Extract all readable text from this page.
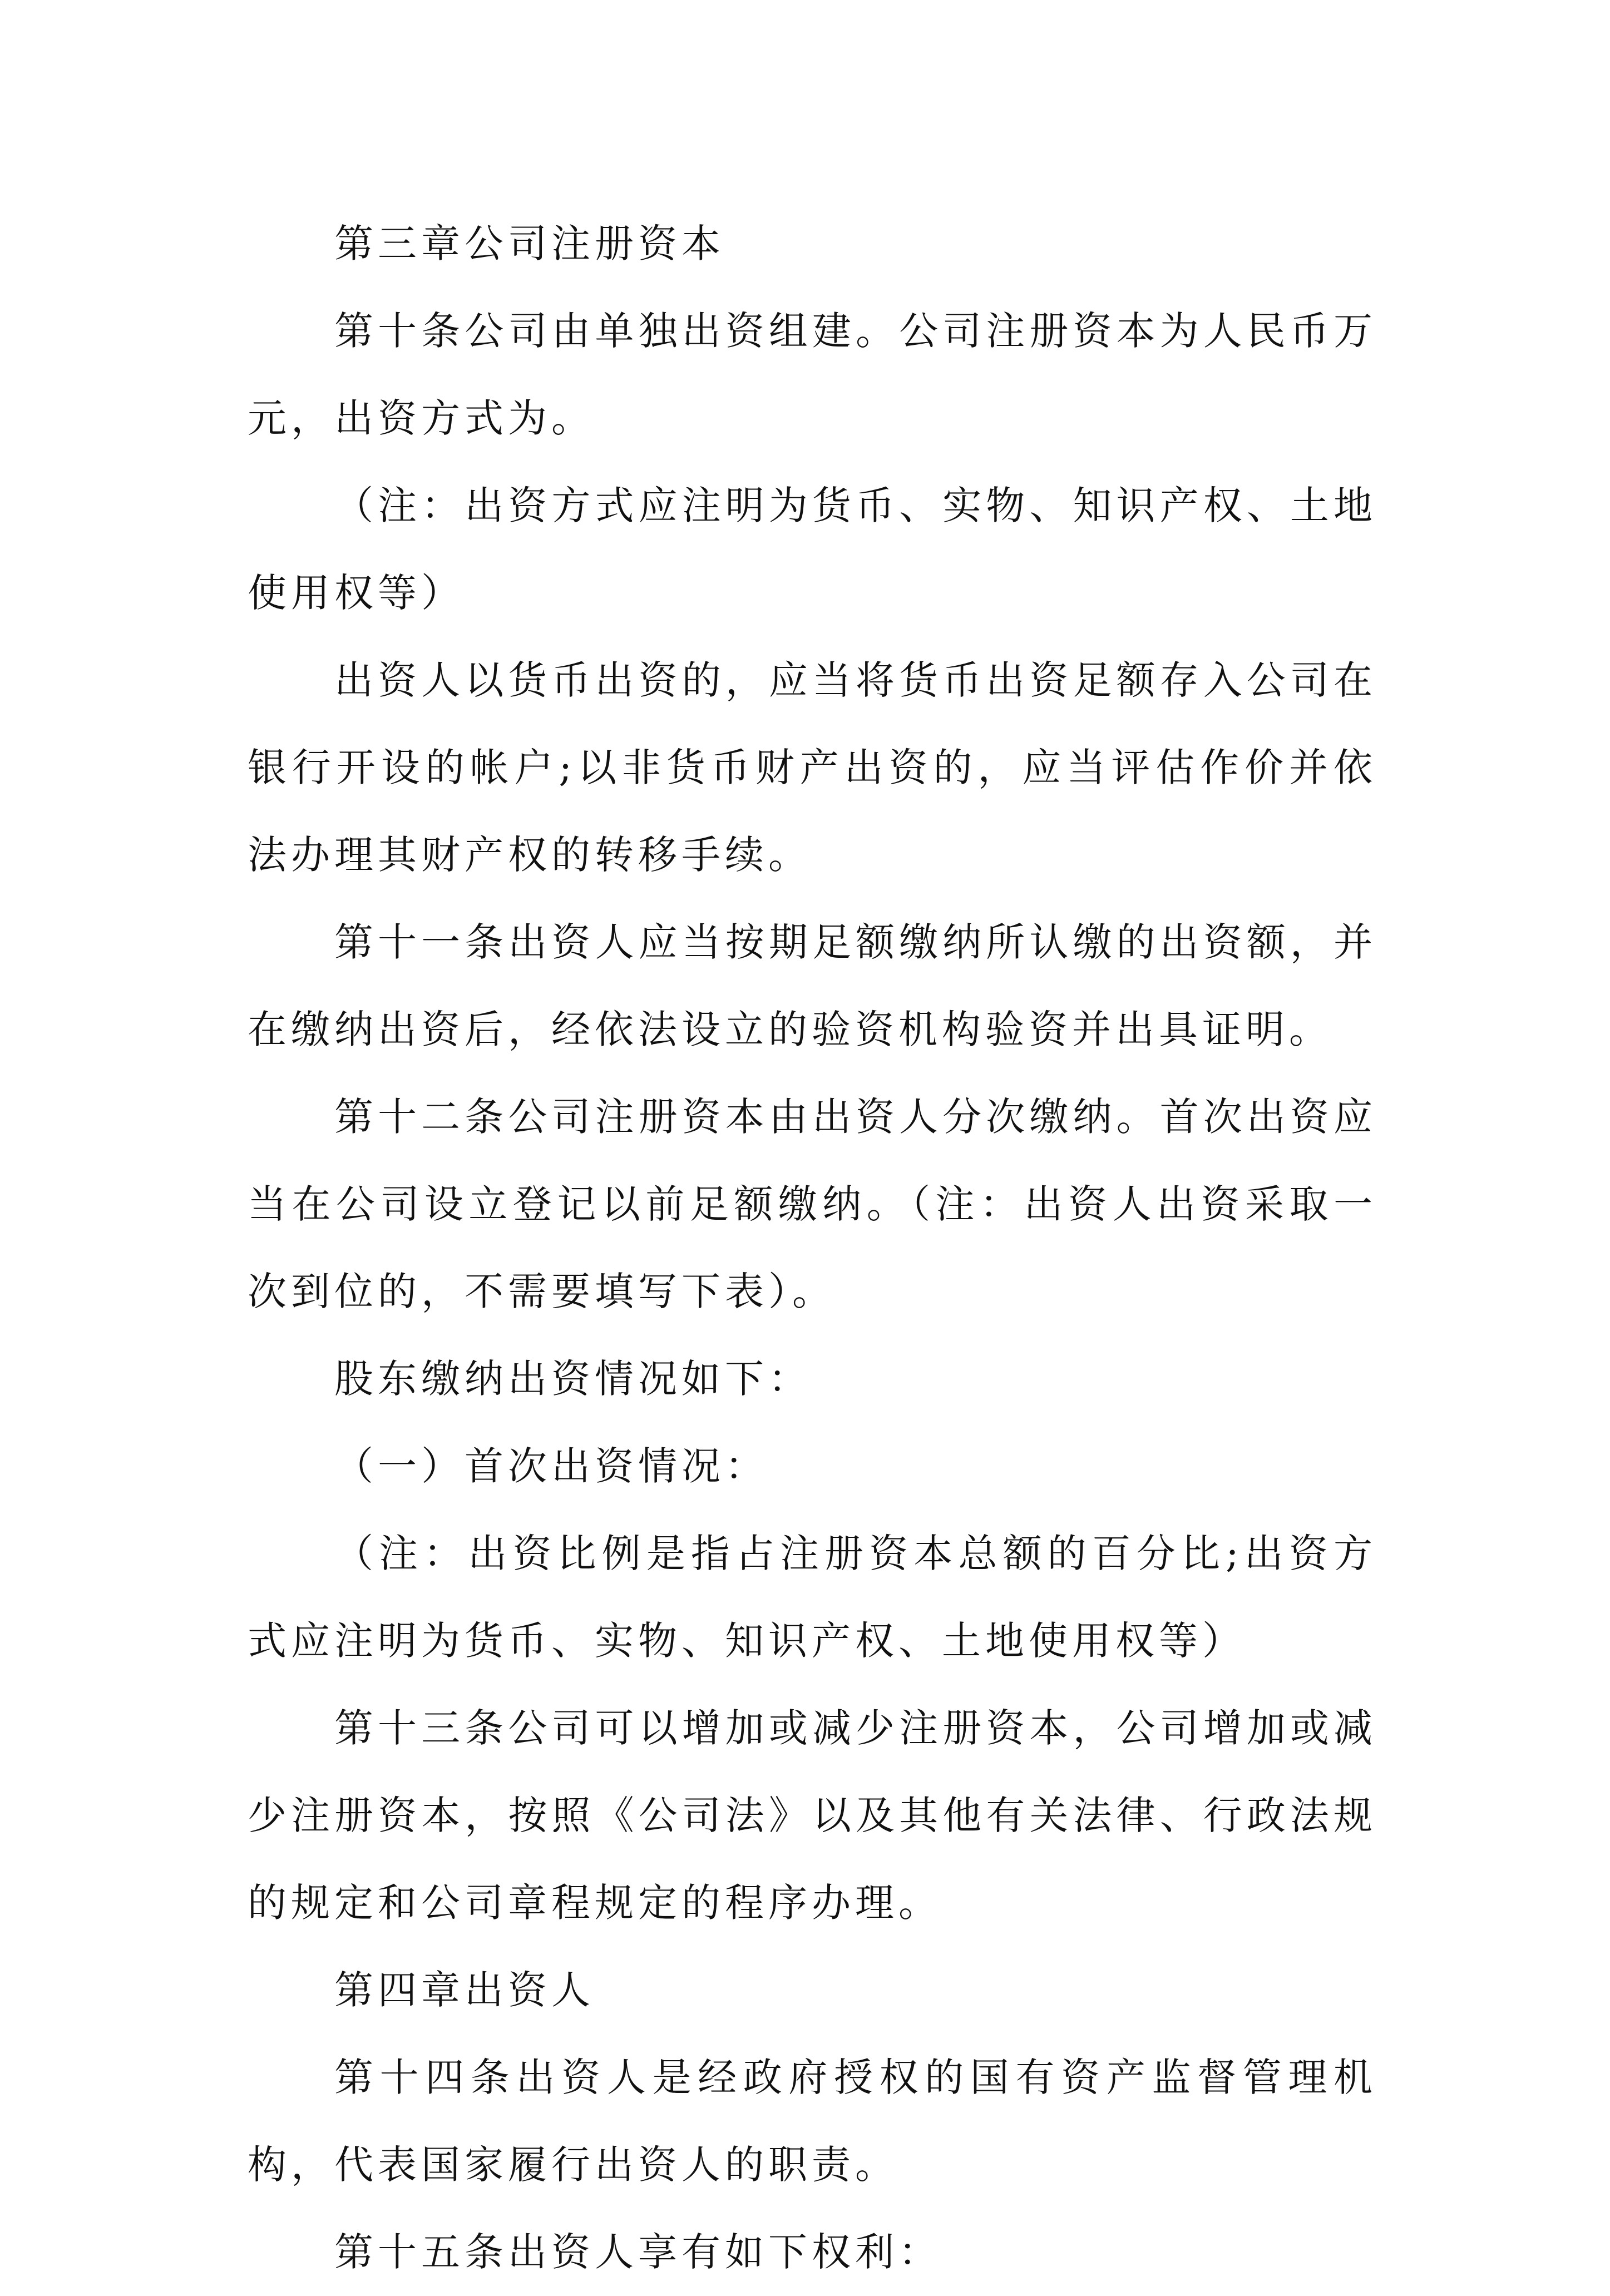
第三章公司注册资本

第十条公司由单独出资组建。公司注册资本为人民币万元，出资方式为。

（注：出资方式应注明为货币、实物、知识产权、土地使用权等）

出资人以货币出资的，应当将货币出资足额存入公司在银行开设的帐户;以非货币财产出资的，应当评估作价并依法办理其财产权的转移手续。

第十一条出资人应当按期足额缴纳所认缴的出资额，并在缴纳出资后，经依法设立的验资机构验资并出具证明。

第十二条公司注册资本由出资人分次缴纳。首次出资应当在公司设立登记以前足额缴纳。（注：出资人出资采取一次到位的，不需要填写下表）。

股东缴纳出资情况如下：

（一）首次出资情况：

（注：出资比例是指占注册资本总额的百分比;出资方式应注明为货币、实物、知识产权、土地使用权等）

第十三条公司可以增加或减少注册资本，公司增加或减少注册资本，按照《公司法》以及其他有关法律、行政法规的规定和公司章程规定的程序办理。

第四章出资人

第十四条出资人是经政府授权的国有资产监督管理机构，代表国家履行出资人的职责。

第十五条出资人享有如下权利：
